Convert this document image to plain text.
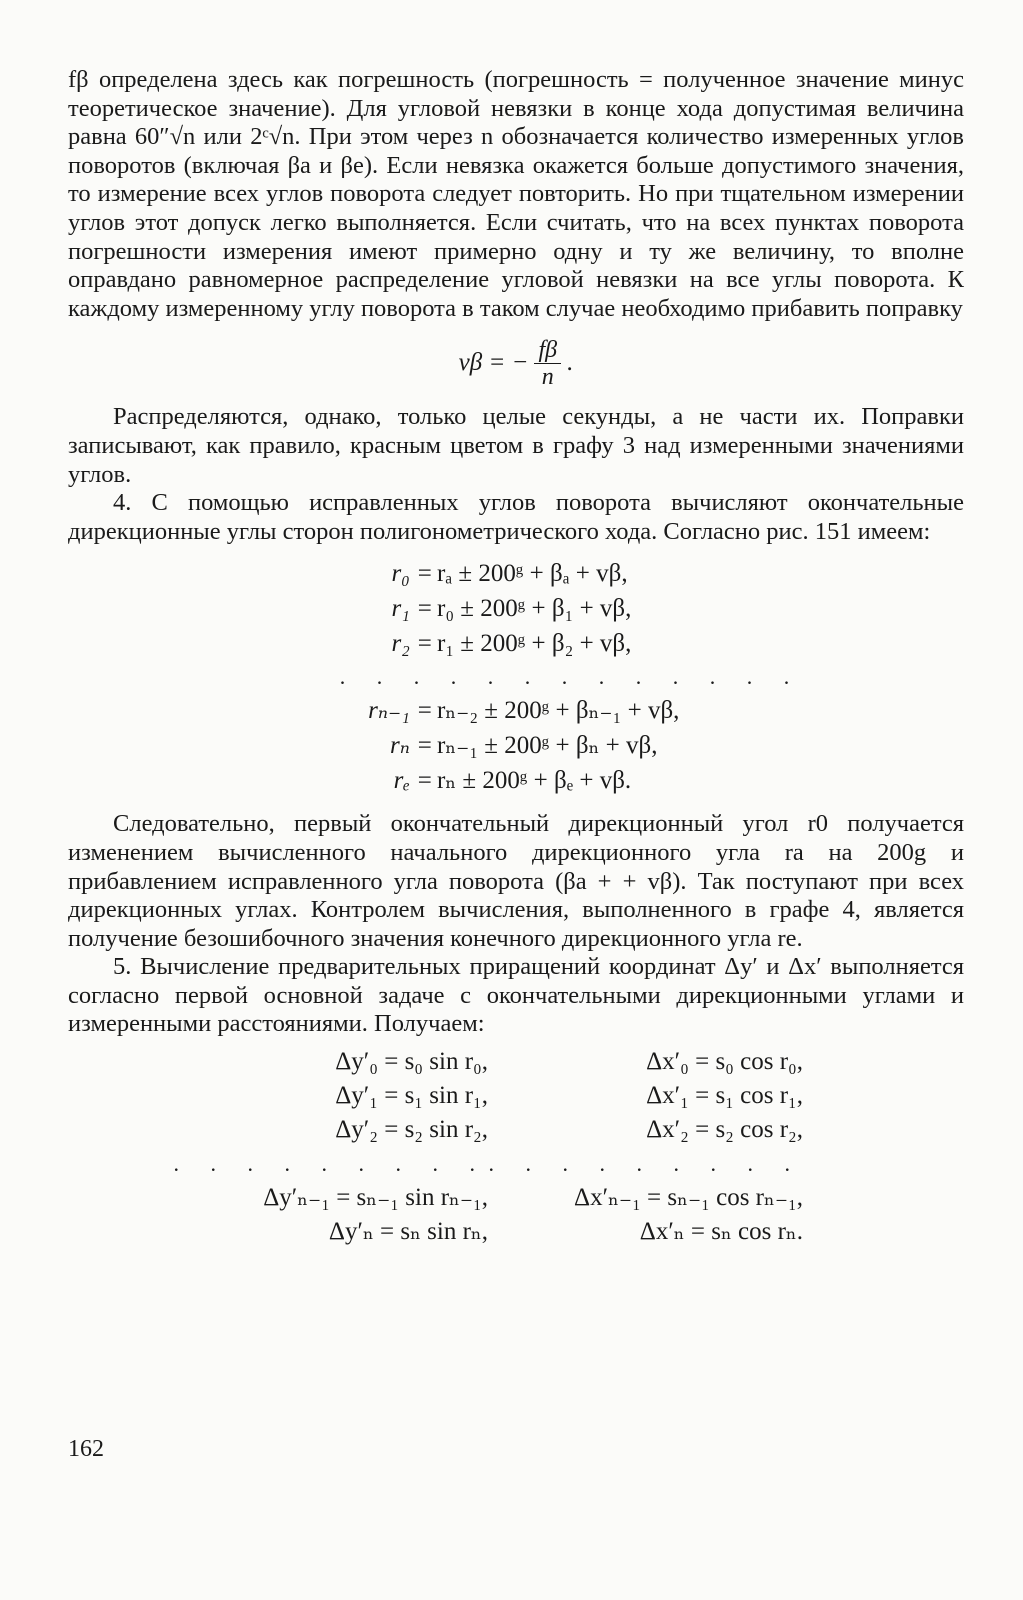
fβ определена здесь как погрешность (погрешность = полученное значение минус теоретическое значение). Для угловой невязки в конце хода допустимая величина равна 60″√n или 2ᶜ√n. При этом через n обозначается количество измеренных углов поворотов (включая βa и βe). Если невязка окажется больше допустимого значения, то измерение всех углов поворота следует повторить. Но при тщательном измерении углов этот допуск легко выполняется. Если считать, что на всех пунктах поворота погрешности измерения имеют примерно одну и ту же величину, то вполне оправдано равномерное распределение угловой невязки на все углы поворота. К каждому измеренному углу поворота в таком случае необходимо прибавить поправку

vβ = − $\frac{f\beta}{n}$ .

Распределяются, однако, только целые секунды, а не части их. Поправки записывают, как правило, красным цветом в графу 3 над измеренными значениями углов.

4. С помощью исправленных углов поворота вычисляют окончательные дирекционные углы сторон полигонометрического хода. Согласно рис. 151 имеем:

r₀ = rₐ ± 200ᵍ + βₐ + vβ,
r₁ = r₀ ± 200ᵍ + β₁ + vβ,
r₂ = r₁ ± 200ᵍ + β₂ + vβ,
. . . . . . . . . . . . .
rₙ₋₁ = rₙ₋₂ ± 200ᵍ + βₙ₋₁ + vβ,
rₙ = rₙ₋₁ ± 200ᵍ + βₙ + vβ,
rₑ = rₙ ± 200ᵍ + βₑ + vβ.

Следовательно, первый окончательный дирекционный угол r0 получается изменением вычисленного начального дирекционного угла ra на 200g и прибавлением исправленного угла поворота (βa + + vβ). Так поступают при всех дирекционных углах. Контролем вычисления, выполненного в графе 4, является получение безошибочного значения конечного дирекционного угла re.

5. Вычисление предварительных приращений координат Δy′ и Δx′ выполняется согласно первой основной задаче с окончательными дирекционными углами и измеренными расстояниями. Получаем:

Δy′₀ = s₀ sin r₀,	Δx′₀ = s₀ cos r₀,
Δy′₁ = s₁ sin r₁,	Δx′₁ = s₁ cos r₁,
Δy′₂ = s₂ sin r₂,	Δx′₂ = s₂ cos r₂,
. . . . . . . . . . . . . . . . . .
Δy′ₙ₋₁ = sₙ₋₁ sin rₙ₋₁,	Δx′ₙ₋₁ = sₙ₋₁ cos rₙ₋₁,
Δy′ₙ = sₙ sin rₙ,	Δx′ₙ = sₙ cos rₙ.
162
